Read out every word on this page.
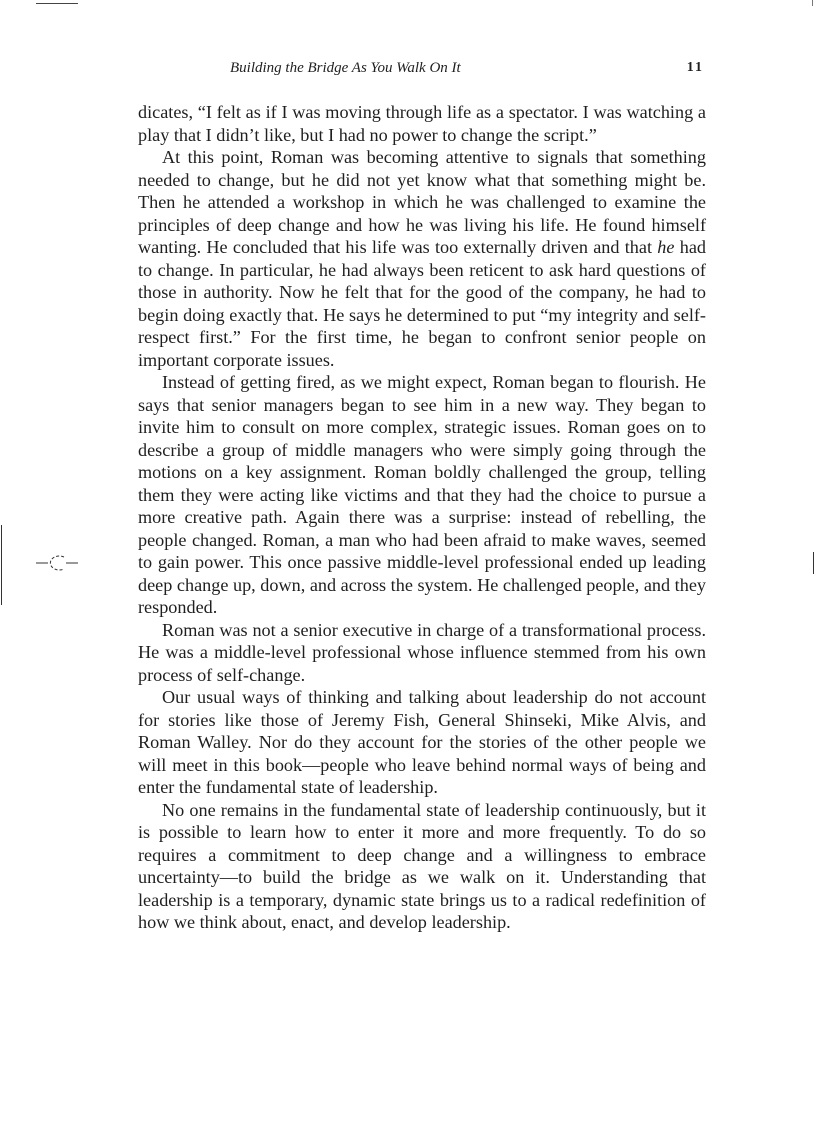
Building the Bridge As You Walk On It	11

dicates, “I felt as if I was moving through life as a spectator. I was watching a play that I didn’t like, but I had no power to change the script.”

At this point, Roman was becoming attentive to signals that something needed to change, but he did not yet know what that something might be. Then he attended a workshop in which he was challenged to examine the principles of deep change and how he was living his life. He found himself wanting. He concluded that his life was too externally driven and that he had to change. In particular, he had always been reticent to ask hard questions of those in authority. Now he felt that for the good of the company, he had to begin doing exactly that. He says he determined to put “my integrity and self-respect first.” For the first time, he began to confront senior people on important corporate issues.

Instead of getting fired, as we might expect, Roman began to flourish. He says that senior managers began to see him in a new way. They began to invite him to consult on more complex, strategic issues. Roman goes on to describe a group of middle managers who were simply going through the motions on a key assignment. Roman boldly challenged the group, telling them they were acting like victims and that they had the choice to pursue a more creative path. Again there was a surprise: instead of rebelling, the people changed. Roman, a man who had been afraid to make waves, seemed to gain power. This once passive middle-level professional ended up leading deep change up, down, and across the system. He challenged people, and they responded.

Roman was not a senior executive in charge of a transformational process. He was a middle-level professional whose influence stemmed from his own process of self-change.

Our usual ways of thinking and talking about leadership do not account for stories like those of Jeremy Fish, General Shinseki, Mike Alvis, and Roman Walley. Nor do they account for the stories of the other people we will meet in this book—people who leave behind normal ways of being and enter the fundamental state of leadership.

No one remains in the fundamental state of leadership continuously, but it is possible to learn how to enter it more and more frequently. To do so requires a commitment to deep change and a willingness to embrace uncertainty—to build the bridge as we walk on it. Understanding that leadership is a temporary, dynamic state brings us to a radical redefinition of how we think about, enact, and develop leadership.
